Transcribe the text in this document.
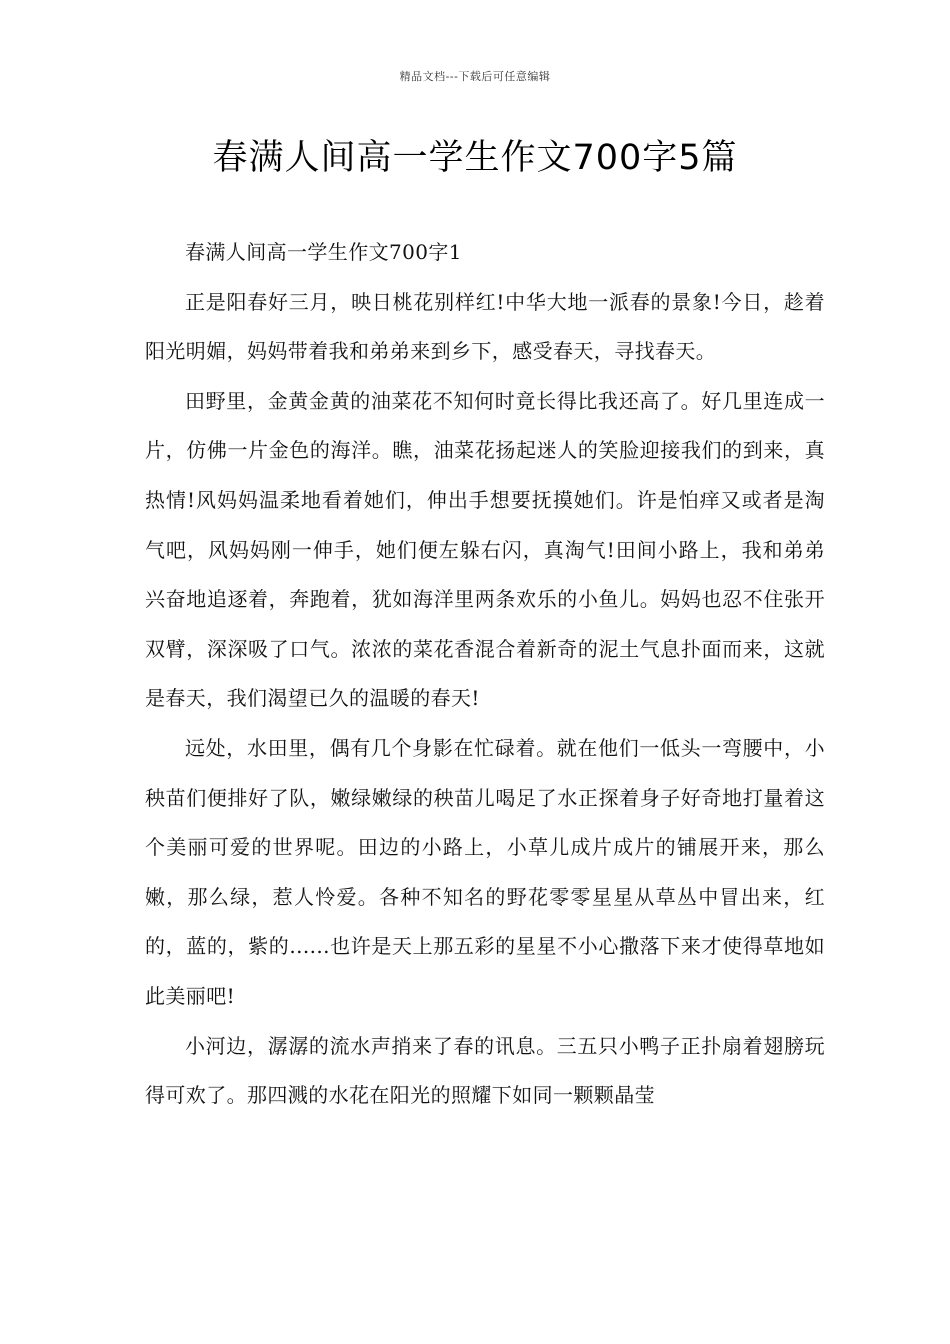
精品文档---下载后可任意编辑
春满人间高一学生作文700字5篇

春满人间高一学生作文700字1

正是阳春好三月，映日桃花别样红!中华大地一派春的景象!今日，趁着阳光明媚，妈妈带着我和弟弟来到乡下，感受春天，寻找春天。

田野里，金黄金黄的油菜花不知何时竟长得比我还高了。好几里连成一片，仿佛一片金色的海洋。瞧，油菜花扬起迷人的笑脸迎接我们的到来，真热情!风妈妈温柔地看着她们，伸出手想要抚摸她们。许是怕痒又或者是淘气吧，风妈妈刚一伸手，她们便左躲右闪，真淘气!田间小路上，我和弟弟兴奋地追逐着，奔跑着，犹如海洋里两条欢乐的小鱼儿。妈妈也忍不住张开双臂，深深吸了口气。浓浓的菜花香混合着新奇的泥土气息扑面而来，这就是春天，我们渴望已久的温暖的春天!

远处，水田里，偶有几个身影在忙碌着。就在他们一低头一弯腰中，小秧苗们便排好了队，嫩绿嫩绿的秧苗儿喝足了水正探着身子好奇地打量着这个美丽可爱的世界呢。田边的小路上，小草儿成片成片的铺展开来，那么嫩，那么绿，惹人怜爱。各种不知名的野花零零星星从草丛中冒出来，红的，蓝的，紫的......也许是天上那五彩的星星不小心撒落下来才使得草地如此美丽吧!

小河边，潺潺的流水声捎来了春的讯息。三五只小鸭子正扑扇着翅膀玩得可欢了。那四溅的水花在阳光的照耀下如同一颗颗晶莹
